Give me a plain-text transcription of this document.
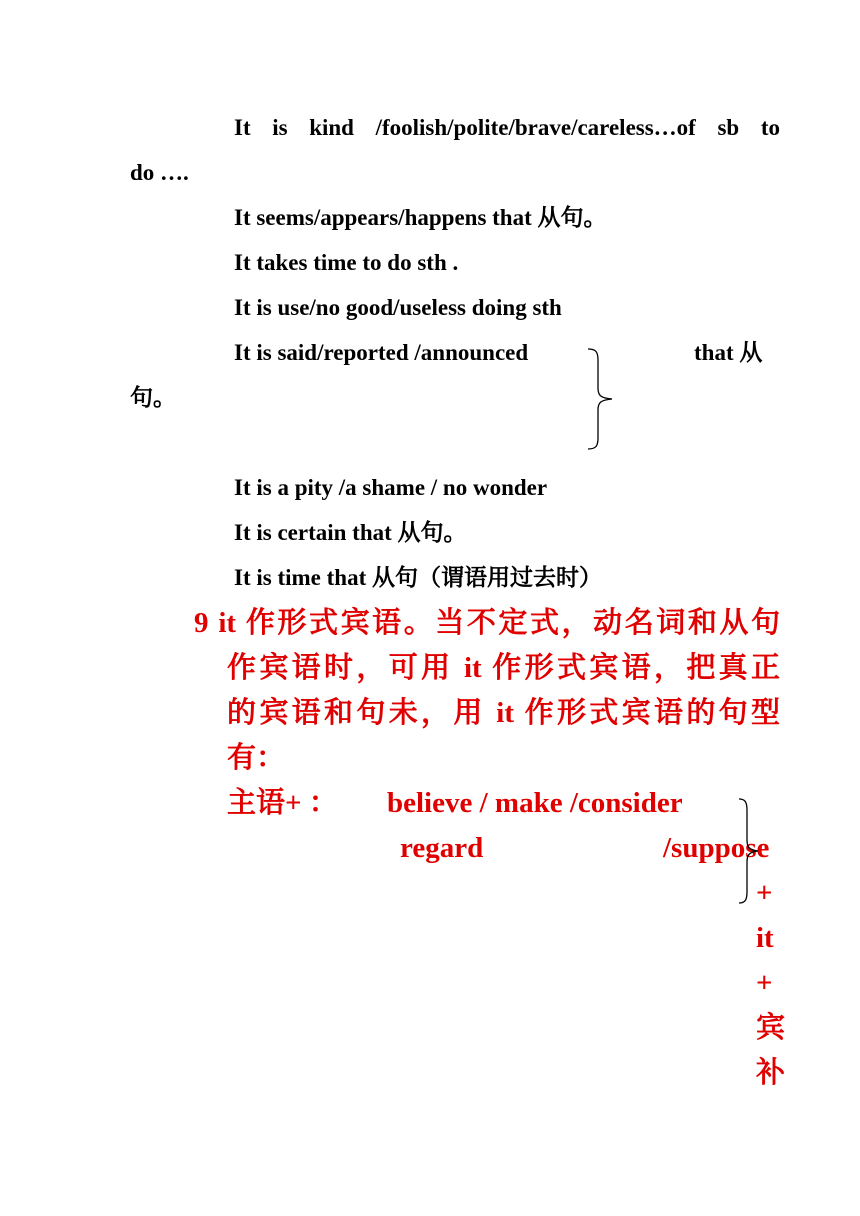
It is kind /foolish/polite/brave/careless…of sb to
do ….
It seems/appears/happens that 从句。
It takes time to do sth .
It is use/no good/useless doing sth
It is said/reported /announced	that 从
句。
It is a pity /a shame / no wonder
It is certain that 从句。
It is time that 从句（谓语用过去时）
9 it 作形式宾语。当不定式，动名词和从句
作宾语时，可用 it 作形式宾语，把真正
的宾语和句未，用 it 作形式宾语的句型
有：
主语+ ： believe / make /consider
regard	/suppose
+
it
+
宾
补
